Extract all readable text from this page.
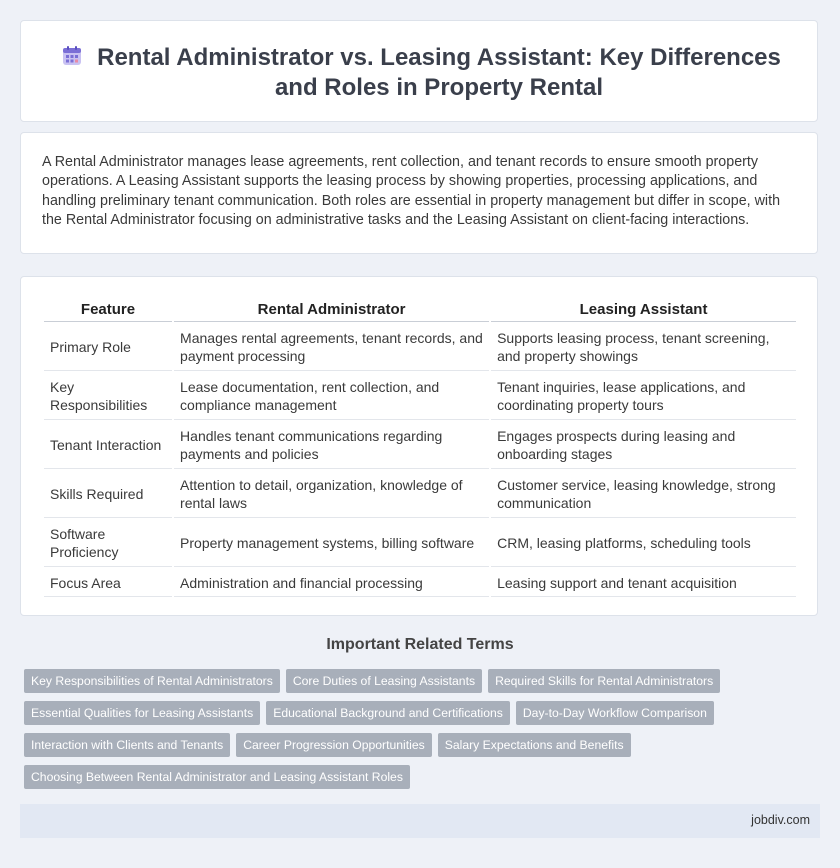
Rental Administrator vs. Leasing Assistant: Key Differences and Roles in Property Rental

A Rental Administrator manages lease agreements, rent collection, and tenant records to ensure smooth property operations. A Leasing Assistant supports the leasing process by showing properties, processing applications, and handling preliminary tenant communication. Both roles are essential in property management but differ in scope, with the Rental Administrator focusing on administrative tasks and the Leasing Assistant on client-facing interactions.

Feature	Rental Administrator	Leasing Assistant
Primary Role	Manages rental agreements, tenant records, and payment processing	Supports leasing process, tenant screening, and property showings
Key Responsibilities	Lease documentation, rent collection, and compliance management	Tenant inquiries, lease applications, and coordinating property tours
Tenant Interaction	Handles tenant communications regarding payments and policies	Engages prospects during leasing and onboarding stages
Skills Required	Attention to detail, organization, knowledge of rental laws	Customer service, leasing knowledge, strong communication
Software Proficiency	Property management systems, billing software	CRM, leasing platforms, scheduling tools
Focus Area	Administration and financial processing	Leasing support and tenant acquisition
Important Related Terms
Key Responsibilities of Rental Administrators Core Duties of Leasing Assistants Required Skills for Rental Administrators
Essential Qualities for Leasing Assistants Educational Background and Certifications Day-to-Day Workflow Comparison
Interaction with Clients and Tenants Career Progression Opportunities Salary Expectations and Benefits
Choosing Between Rental Administrator and Leasing Assistant Roles
jobdiv.com
